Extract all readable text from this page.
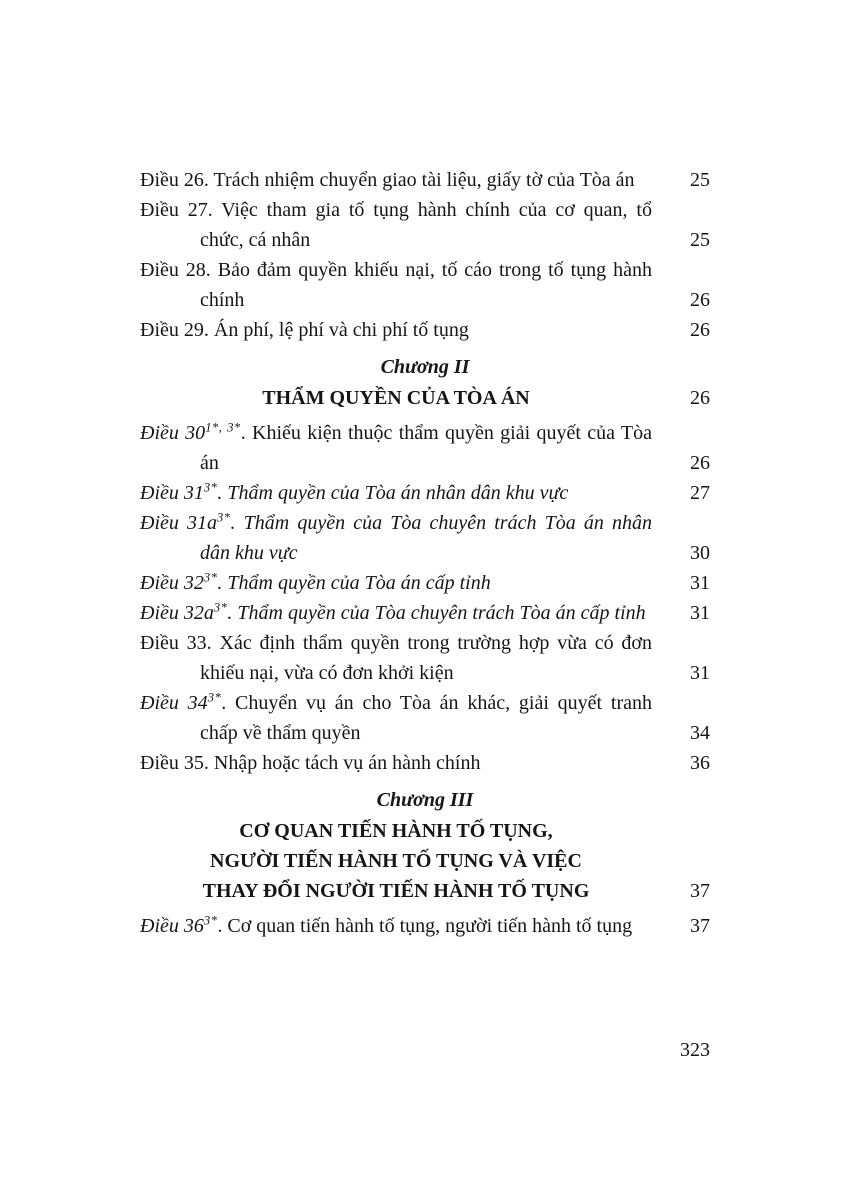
Điều 26. Trách nhiệm chuyển giao tài liệu, giấy tờ của Tòa án	25
Điều 27. Việc tham gia tố tụng hành chính của cơ quan, tổ chức, cá nhân	25
Điều 28. Bảo đảm quyền khiếu nại, tố cáo trong tố tụng hành chính	26
Điều 29. Án phí, lệ phí và chi phí tố tụng	26
Chương II
THẨM QUYỀN CỦA TÒA ÁN	26
Điều 30$^{1*, 3*}$. Khiếu kiện thuộc thẩm quyền giải quyết của Tòa án	26
Điều 31$^{3*}$. Thẩm quyền của Tòa án nhân dân khu vực	27
Điều 31a$^{3*}$. Thẩm quyền của Tòa chuyên trách Tòa án nhân dân khu vực	30
Điều 32$^{3*}$. Thẩm quyền của Tòa án cấp tỉnh	31
Điều 32a$^{3*}$. Thẩm quyền của Tòa chuyên trách Tòa án cấp tỉnh	31
Điều 33. Xác định thẩm quyền trong trường hợp vừa có đơn khiếu nại, vừa có đơn khởi kiện	31
Điều 34$^{3*}$. Chuyển vụ án cho Tòa án khác, giải quyết tranh chấp về thẩm quyền	34
Điều 35. Nhập hoặc tách vụ án hành chính	36
Chương III
CƠ QUAN TIẾN HÀNH TỐ TỤNG,
NGƯỜI TIẾN HÀNH TỐ TỤNG VÀ VIỆC
THAY ĐỔI NGƯỜI TIẾN HÀNH TỐ TỤNG	37
Điều 36$^{3*}$. Cơ quan tiến hành tố tụng, người tiến hành tố tụng	37
323
